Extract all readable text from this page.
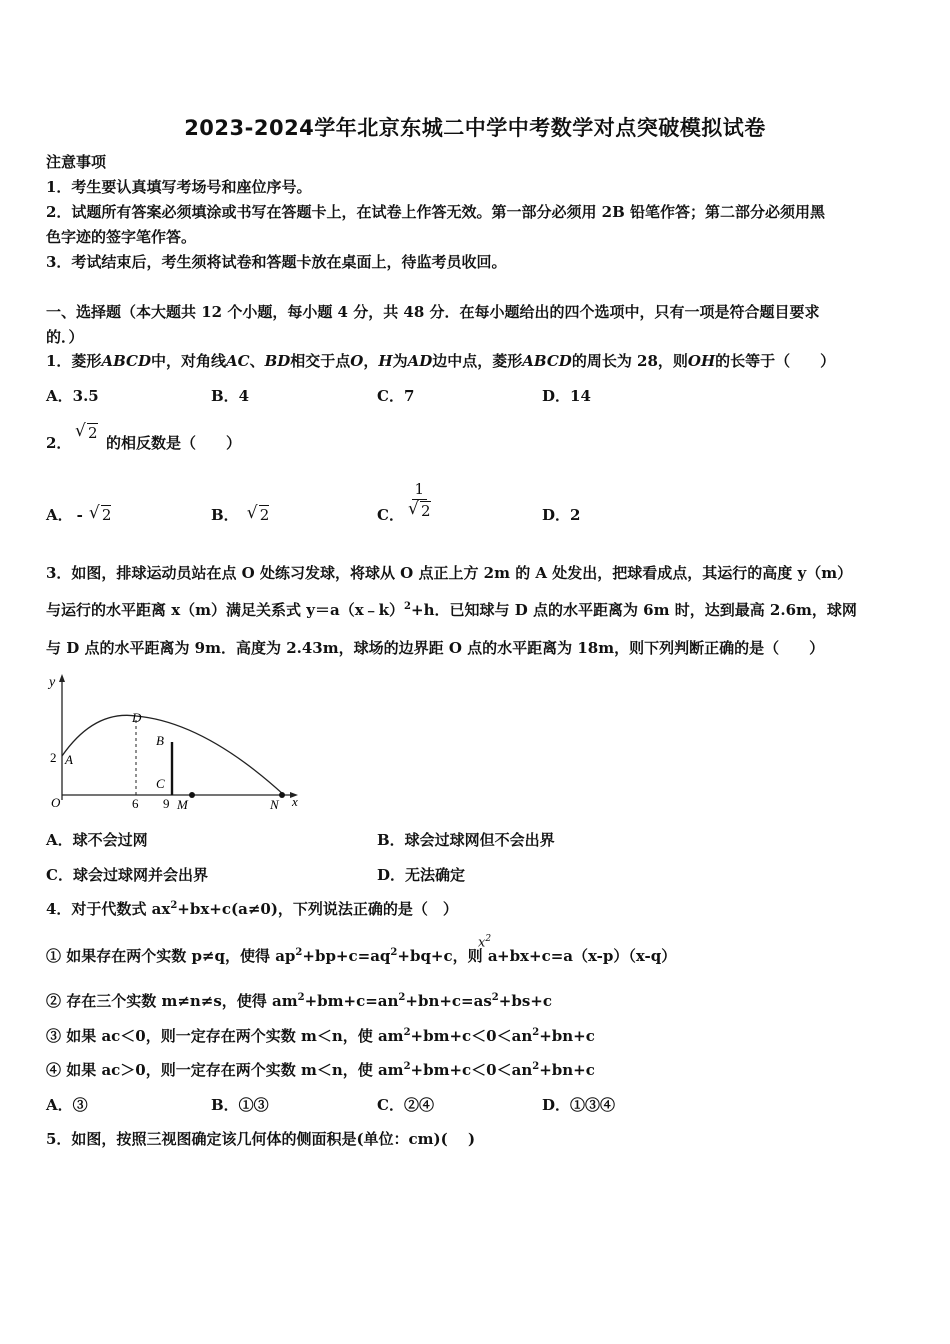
2023-2024学年北京东城二中学中考数学对点突破模拟试卷
注意事项
1．考生要认真填写考场号和座位序号。
2．试题所有答案必须填涂或书写在答题卡上，在试卷上作答无效。第一部分必须用 2B 铅笔作答；第二部分必须用黑
色字迹的签字笔作答。
3．考试结束后，考生须将试卷和答题卡放在桌面上，待监考员收回。
一、选择题（本大题共 12 个小题，每小题 4 分，共 48 分．在每小题给出的四个选项中，只有一项是符合题目要求
的．）
1．菱形ABCD中，对角线AC、BD相交于点O，H为AD边中点，菱形ABCD的周长为 28，则OH的长等于（　　）
A．3.5	B．4	C．7	D．14
2．
√ 2
的相反数是（　　）
A． - √ 2	B． √ 2	C． $\frac{1}{√ 2}$	D．2
3．如图，排球运动员站在点 O 处练习发球，将球从 O 点正上方 2m 的 A 处发出，把球看成点，其运行的高度 y（m）
与运行的水平距离 x（m）满足关系式 y＝a（x﹣k）$^2$+h．已知球与 D 点的水平距离为 6m 时，达到最高 2.6m，球网
与 D 点的水平距离为 9m．高度为 2.43m，球场的边界距 O 点的水平距离为 18m，则下列判断正确的是（　　）
y
x
O
2 A
D
B
C
6 9 M	N
A．球不会过网	B．球会过球网但不会出界
C．球会过球网并会出界	D．无法确定
4．对于代数式 $ax^2+bx+c(a\ne 0)$，下列说法正确的是（　）
① 如果存在两个实数 p≠q，使得 $ap^2+bp+c=aq^2+bq+c$，则 a
$x^2$
+bx+c=a（x-p）（x-q）
② 存在三个实数 m≠n≠s，使得 $am^2+bm+c=an^2+bn+c=as^2+bs+c$
③ 如果 ac＜0，则一定存在两个实数 m＜n，使 $am^2+bm+c<0<an^2+bn+c$
④ 如果 ac＞0，则一定存在两个实数 m＜n，使 $am^2+bm+c<0<an^2+bn+c$
A．③	B．①③	C．②④	D．①③④
5．如图，按照三视图确定该几何体的侧面积是(单位：cm)(　 )
